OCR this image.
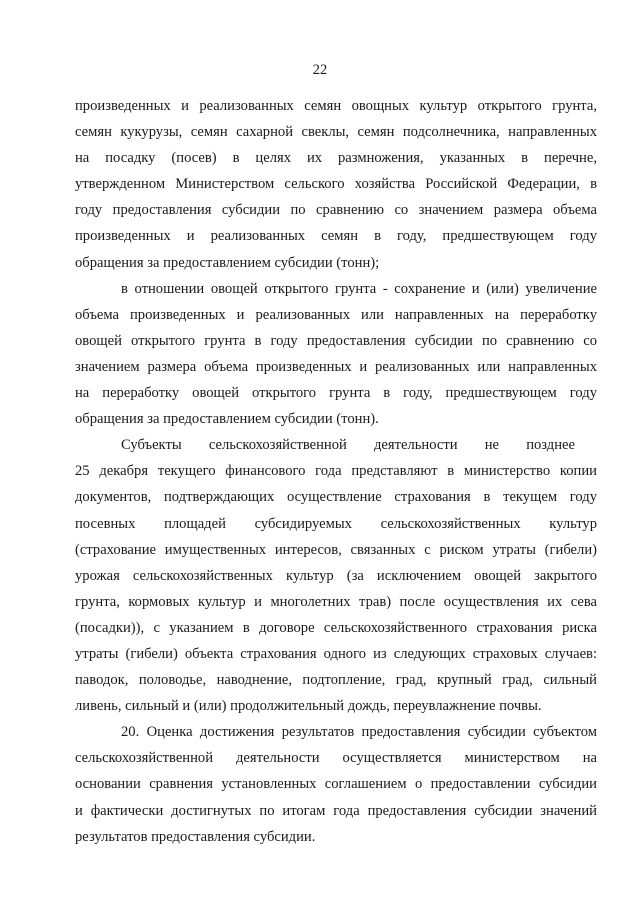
22
произведенных и реализованных семян овощных культур открытого грунта,
семян кукурузы, семян сахарной свеклы, семян подсолнечника, направленных
на посадку (посев) в целях их размножения, указанных в перечне,
утвержденном Министерством сельского хозяйства Российской Федерации, в
году предоставления субсидии по сравнению со значением размера объема
произведенных и реализованных семян в году, предшествующем году
обращения за предоставлением субсидии (тонн);
в отношении овощей открытого грунта - сохранение и (или) увеличение
объема произведенных и реализованных или направленных на переработку
овощей открытого грунта в году предоставления субсидии по сравнению со
значением размера объема произведенных и реализованных или направленных
на переработку овощей открытого грунта в году, предшествующем году
обращения за предоставлением субсидии (тонн).
Субъекты сельскохозяйственной деятельности не позднее
25 декабря текущего финансового года представляют в министерство копии
документов, подтверждающих осуществление страхования в текущем году
посевных площадей субсидируемых сельскохозяйственных культур
(страхование имущественных интересов, связанных с риском утраты (гибели)
урожая сельскохозяйственных культур (за исключением овощей закрытого
грунта, кормовых культур и многолетних трав) после осуществления их сева
(посадки)), с указанием в договоре сельскохозяйственного страхования риска
утраты (гибели) объекта страхования одного из следующих страховых случаев:
паводок, половодье, наводнение, подтопление, град, крупный град, сильный
ливень, сильный и (или) продолжительный дождь, переувлажнение почвы.
20. Оценка достижения результатов предоставления субсидии субъектом
сельскохозяйственной деятельности осуществляется министерством на
основании сравнения установленных соглашением о предоставлении субсидии
и фактически достигнутых по итогам года предоставления субсидии значений
результатов предоставления субсидии.
